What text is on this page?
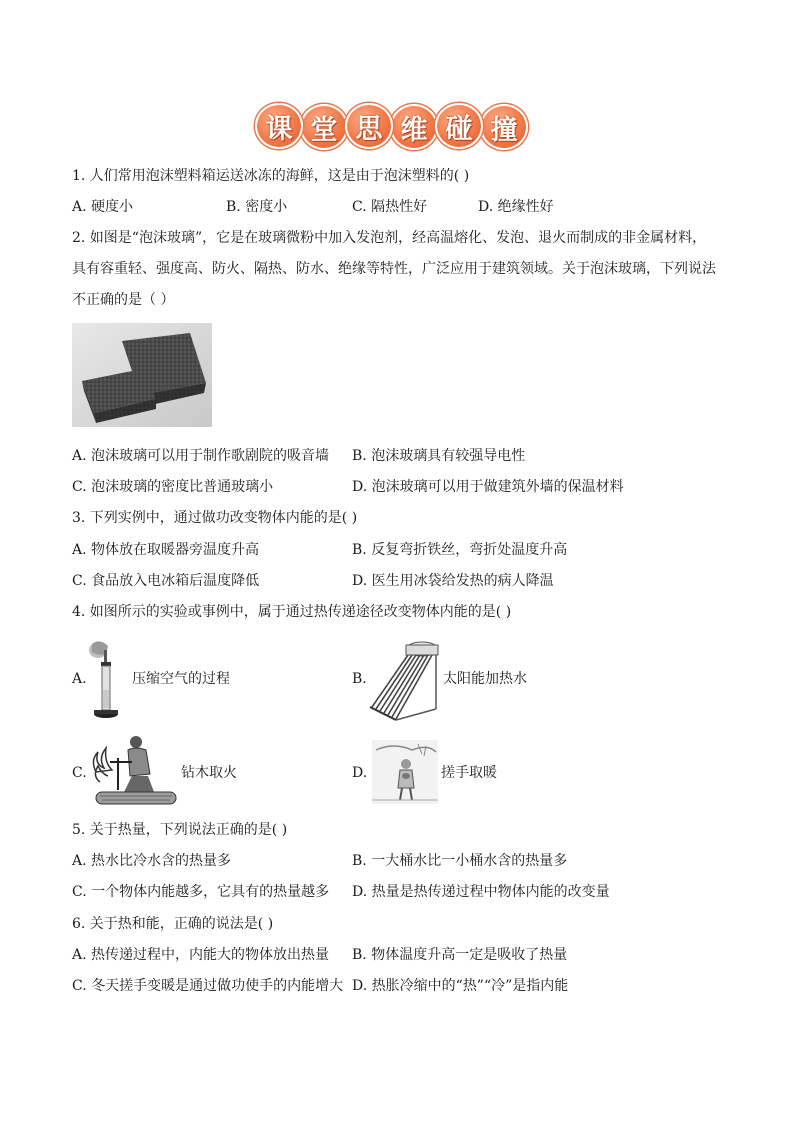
课 堂 思 维 碰 撞
1. 人们常用泡沫塑料箱运送冰冻的海鲜，这是由于泡沫塑料的( )
A. 硬度小	B. 密度小	C. 隔热性好	D. 绝缘性好
2. 如图是“泡沫玻璃”，它是在玻璃微粉中加入发泡剂，经高温熔化、发泡、退火而制成的非金属材料，
具有容重轻、强度高、防火、隔热、防水、绝缘等特性，广泛应用于建筑领域。关于泡沫玻璃，下列说法
不正确的是（ ）
A. 泡沫玻璃可以用于制作歌剧院的吸音墙 B. 泡沫玻璃具有较强导电性
C. 泡沫玻璃的密度比普通玻璃小	D. 泡沫玻璃可以用于做建筑外墙的保温材料
3. 下列实例中，通过做功改变物体内能的是( )
A. 物体放在取暖器旁温度升高	B. 反复弯折铁丝，弯折处温度升高
C. 食品放入电冰箱后温度降低	D. 医生用冰袋给发热的病人降温
4. 如图所示的实验或事例中，属于通过热传递途径改变物体内能的是( )
A.	压缩空气的过程	B.	太阳能加热水
C.	钻木取火	D.	搓手取暖
5. 关于热量，下列说法正确的是( )
A. 热水比冷水含的热量多	B. 一大桶水比一小桶水含的热量多
C. 一个物体内能越多，它具有的热量越多 D. 热量是热传递过程中物体内能的改变量
6. 关于热和能，正确的说法是( )
A. 热传递过程中，内能大的物体放出热量 B. 物体温度升高一定是吸收了热量
C. 冬天搓手变暖是通过做功使手的内能增大 D. 热胀冷缩中的“热”“冷”是指内能
